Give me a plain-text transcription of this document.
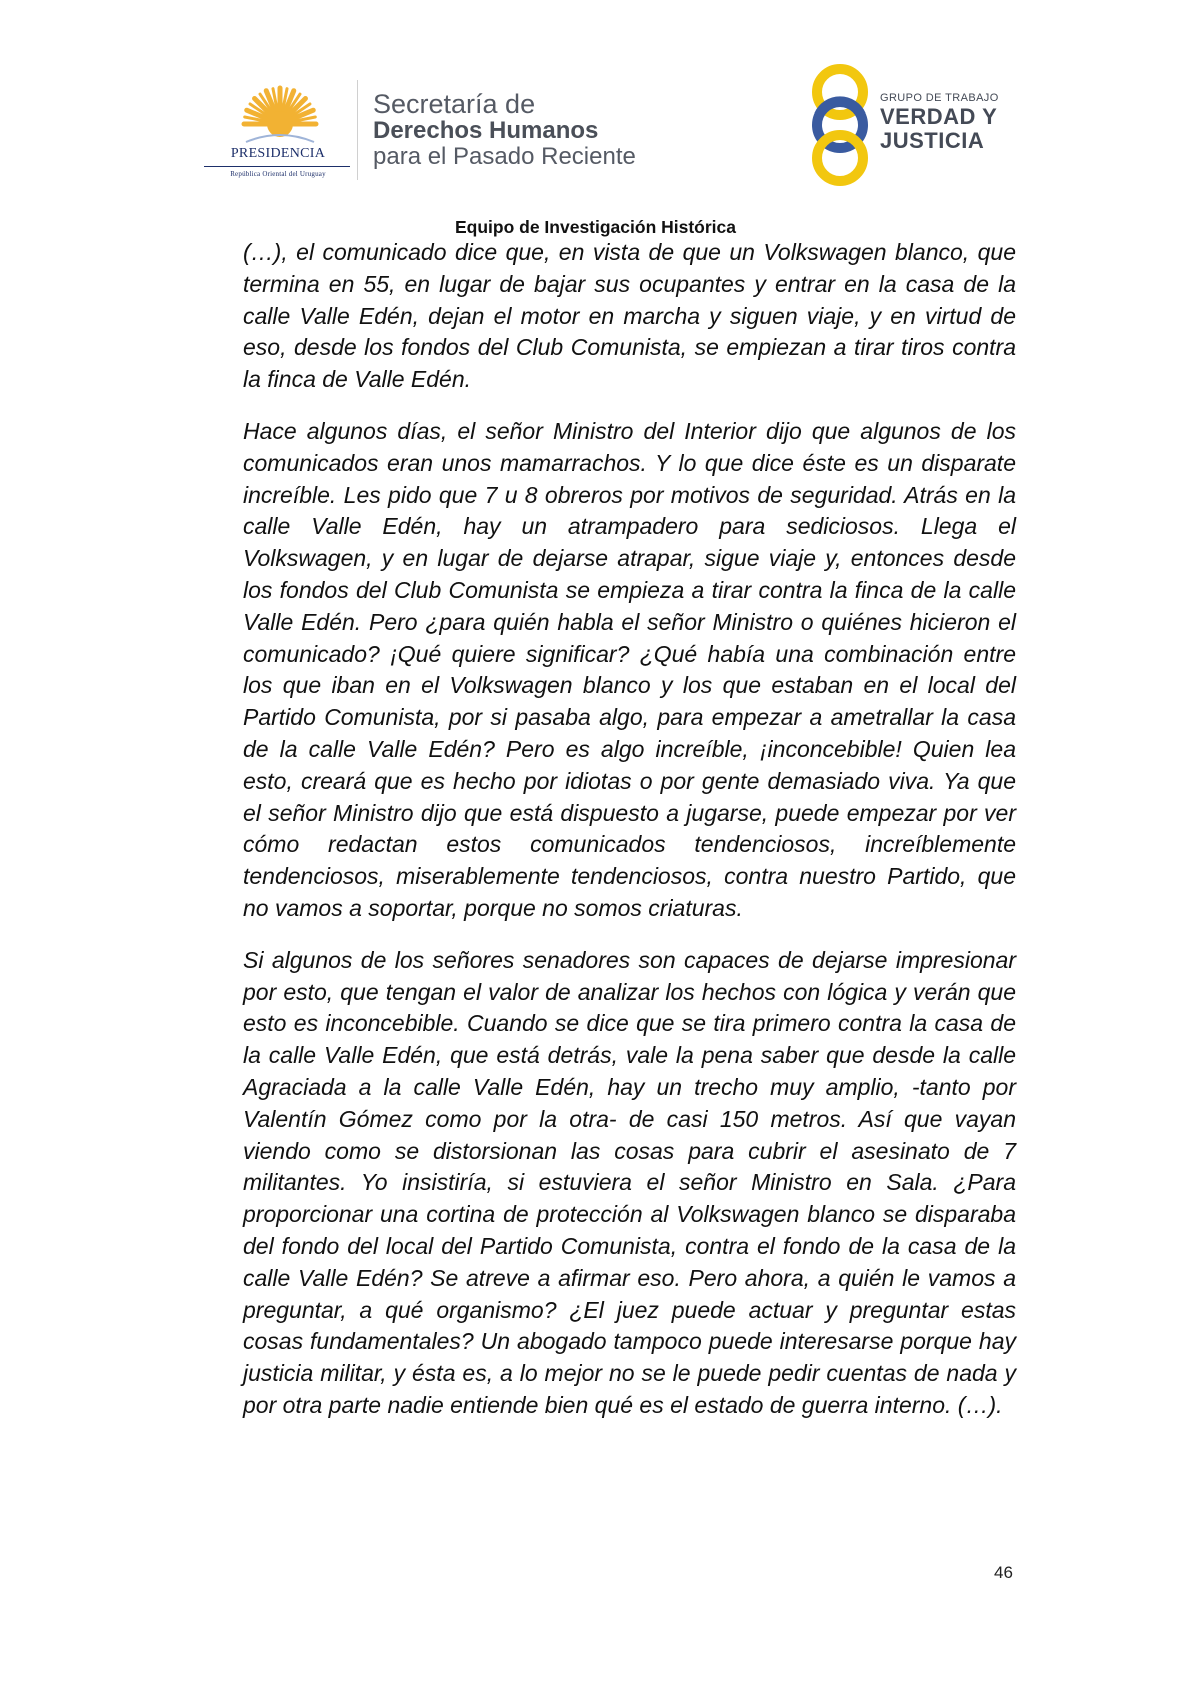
PRESIDENCIA
República Oriental del Uruguay
Secretaría de
Derechos Humanos
para el Pasado Reciente
GRUPO DE TRABAJO
VERDAD Y
JUSTICIA
Equipo de Investigación Histórica

(…), el comunicado dice que, en vista de que un Volkswagen blanco, que termina en 55, en lugar de bajar sus ocupantes y entrar en la casa de la calle Valle Edén, dejan el motor en marcha y siguen viaje, y en virtud de eso, desde los fondos del Club Comunista, se empiezan a tirar tiros contra la finca de Valle Edén.

Hace algunos días, el señor Ministro del Interior dijo que algunos de los comunicados eran unos mamarrachos. Y lo que dice éste es un disparate increíble. Les pido que 7 u 8 obreros por motivos de seguridad. Atrás en la calle Valle Edén, hay un atrampadero para sediciosos. Llega el Volkswagen, y en lugar de dejarse atrapar, sigue viaje y, entonces desde los fondos del Club Comunista se empieza a tirar contra la finca de la calle Valle Edén. Pero ¿para quién habla el señor Ministro o quiénes hicieron el comunicado? ¡Qué quiere significar? ¿Qué había una combinación entre los que iban en el Volkswagen blanco y los que estaban en el local del Partido Comunista, por si pasaba algo, para empezar a ametrallar la casa de la calle Valle Edén? Pero es algo increíble, ¡inconcebible! Quien lea esto, creará que es hecho por idiotas o por gente demasiado viva. Ya que el señor Ministro dijo que está dispuesto a jugarse, puede empezar por ver cómo redactan estos comunicados tendenciosos, increíblemente tendenciosos, miserablemente tendenciosos, contra nuestro Partido, que no vamos a soportar, porque no somos criaturas.

Si algunos de los señores senadores son capaces de dejarse impresionar por esto, que tengan el valor de analizar los hechos con lógica y verán que esto es inconcebible. Cuando se dice que se tira primero contra la casa de la calle Valle Edén, que está detrás, vale la pena saber que desde la calle Agraciada a la calle Valle Edén, hay un trecho muy amplio, -tanto por Valentín Gómez como por la otra- de casi 150 metros. Así que vayan viendo como se distorsionan las cosas para cubrir el asesinato de 7 militantes. Yo insistiría, si estuviera el señor Ministro en Sala. ¿Para proporcionar una cortina de protección al Volkswagen blanco se disparaba del fondo del local del Partido Comunista, contra el fondo de la casa de la calle Valle Edén? Se atreve a afirmar eso. Pero ahora, a quién le vamos a preguntar, a qué organismo? ¿El juez puede actuar y preguntar estas cosas fundamentales? Un abogado tampoco puede interesarse porque hay justicia militar, y ésta es, a lo mejor no se le puede pedir cuentas de nada y por otra parte nadie entiende bien qué es el estado de guerra interno. (…).

46
